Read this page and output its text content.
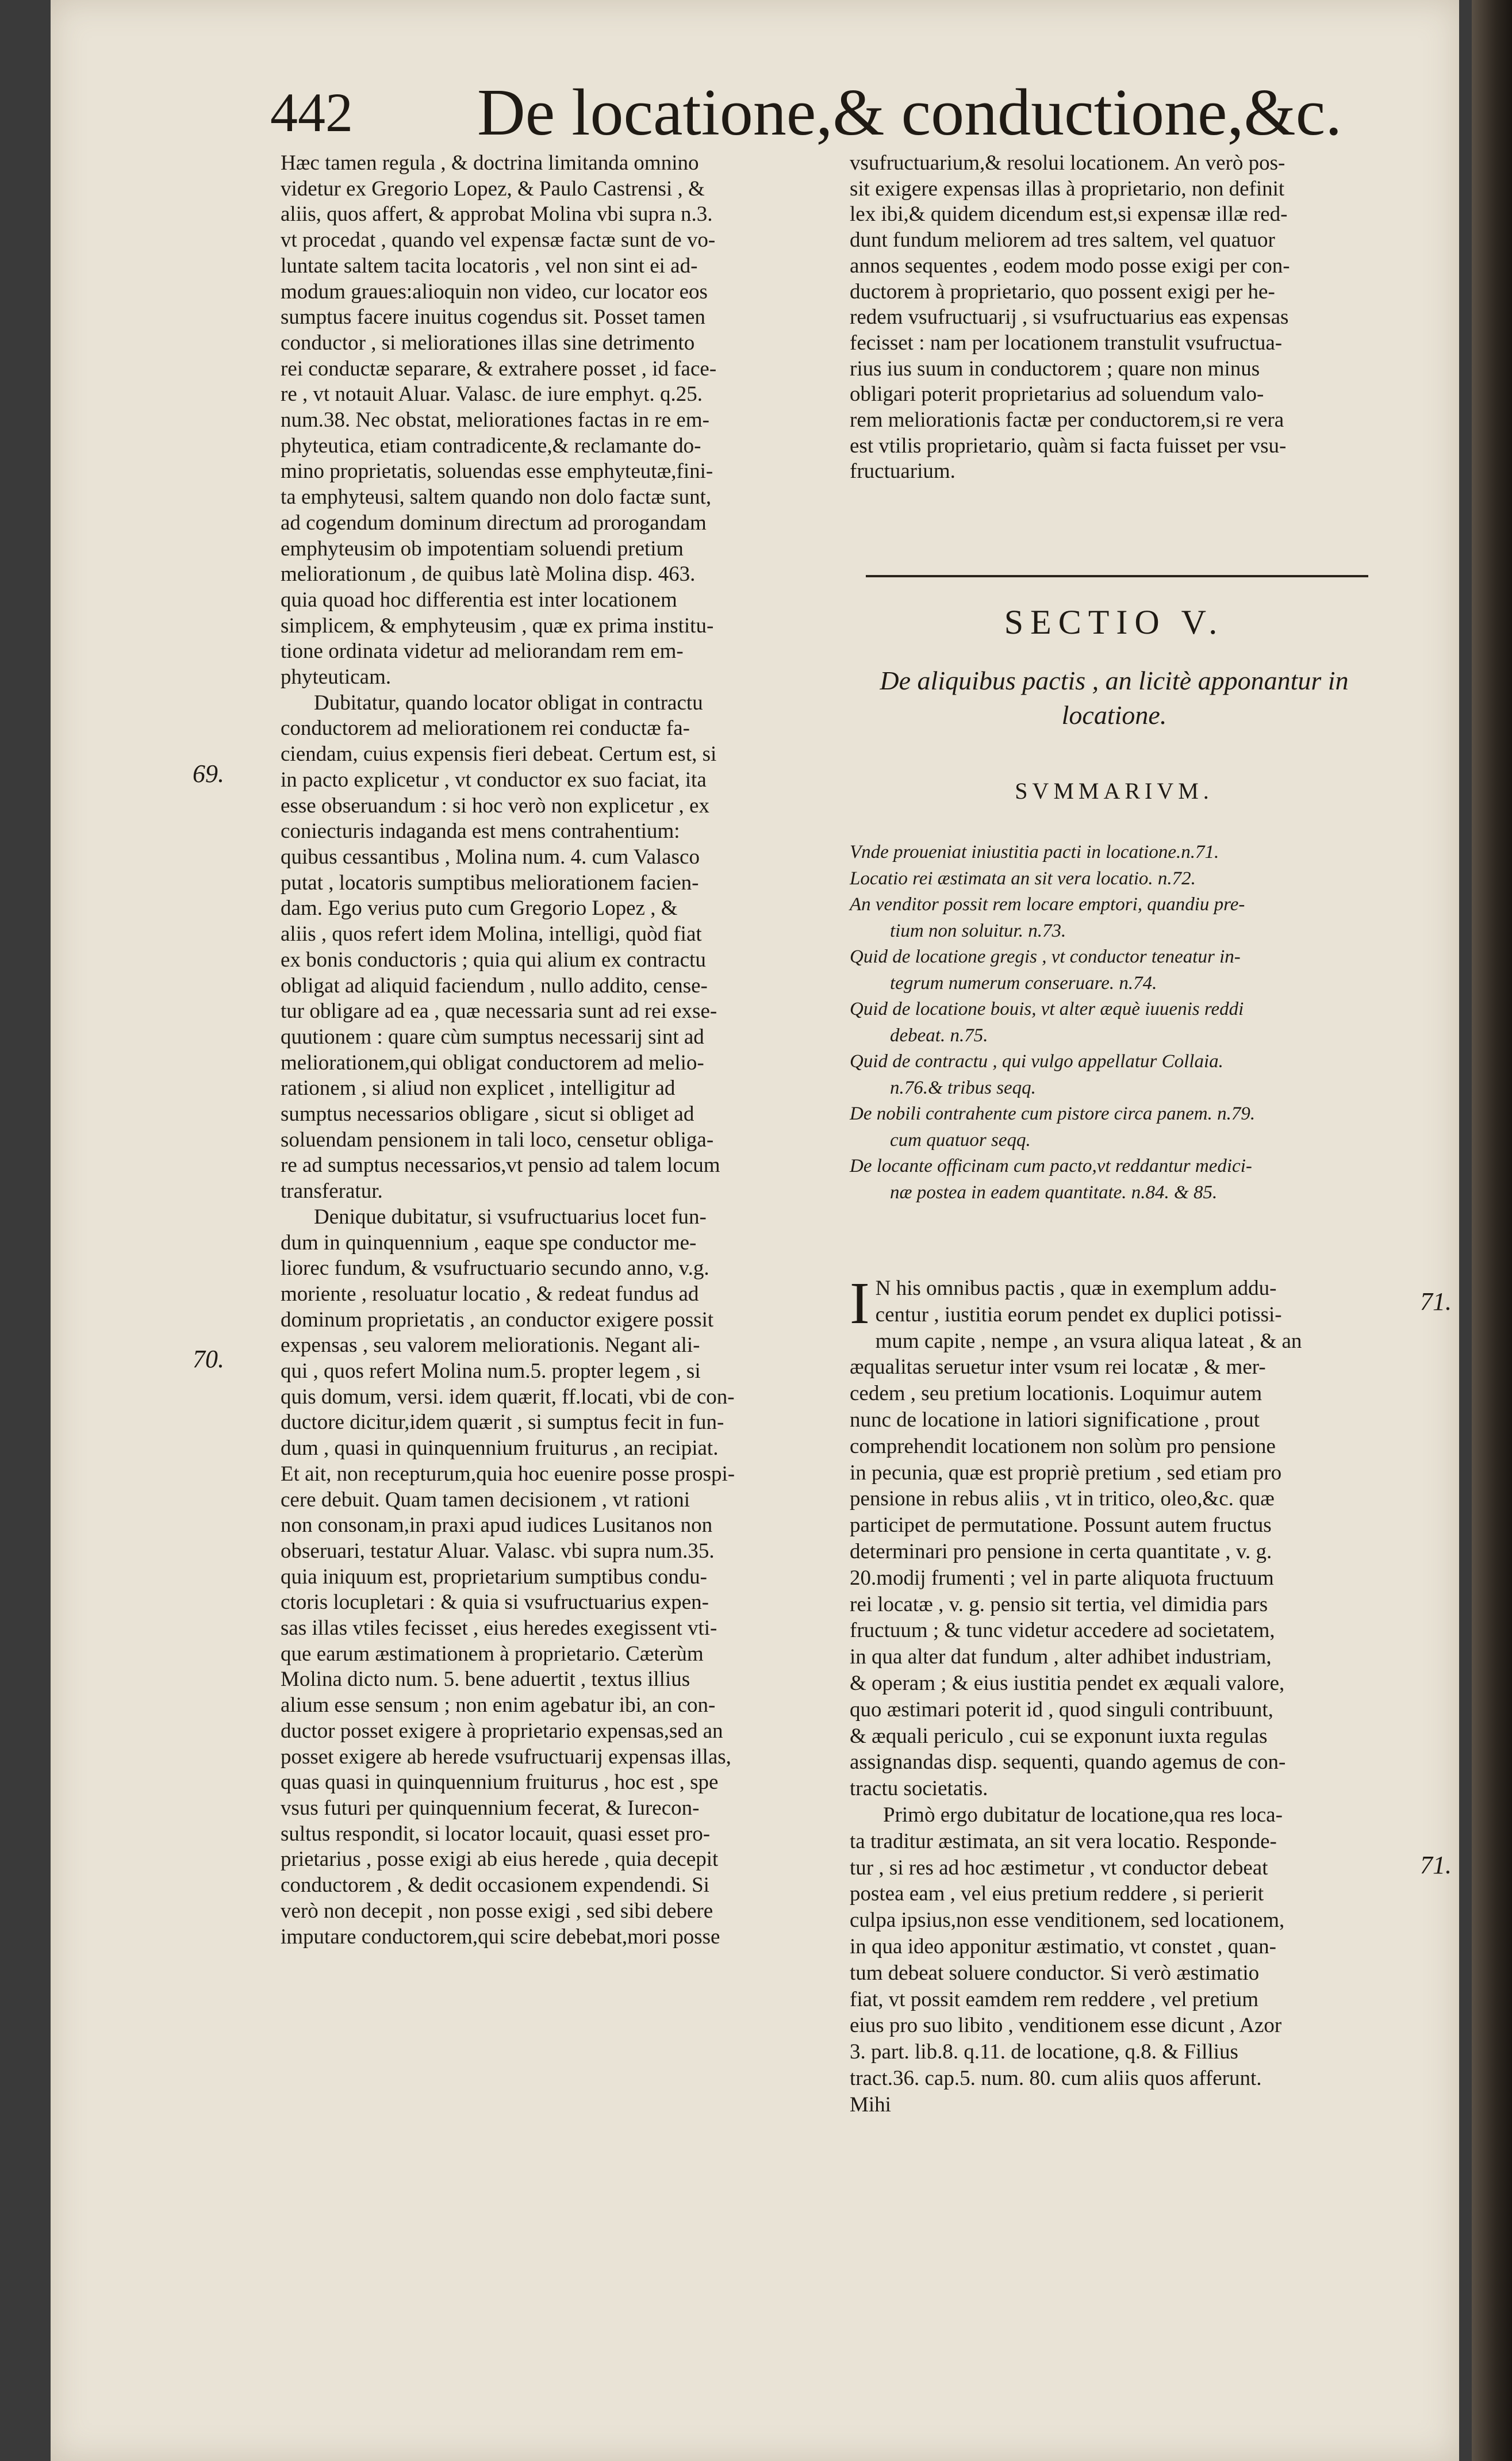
442 De locatione,& conductione,&c.
69.
70.
71.
71.
Hæc tamen regula , & doctrina limitanda omnino
videtur ex Gregorio Lopez, & Paulo Castrensi , &
aliis, quos affert, & approbat Molina vbi supra n.3.
vt procedat , quando vel expensæ factæ sunt de vo-
luntate saltem tacita locatoris , vel non sint ei ad-
modum graues:alioquin non video, cur locator eos
sumptus facere inuitus cogendus sit. Posset tamen
conductor , si meliorationes illas sine detrimento
rei conductæ separare, & extrahere posset , id face-
re , vt notauit Aluar. Valasc. de iure emphyt. q.25.
num.38. Nec obstat, meliorationes factas in re em-
phyteutica, etiam contradicente,& reclamante do-
mino proprietatis, soluendas esse emphyteutæ,fini-
ta emphyteusi, saltem quando non dolo factæ sunt,
ad cogendum dominum directum ad prorogandam
emphyteusim ob impotentiam soluendi pretium
meliorationum , de quibus latè Molina disp. 463.
quia quoad hoc differentia est inter locationem
simplicem, & emphyteusim , quæ ex prima institu-
tione ordinata videtur ad meliorandam rem em-
phyteuticam.
Dubitatur, quando locator obligat in contractu
conductorem ad meliorationem rei conductæ fa-
ciendam, cuius expensis fieri debeat. Certum est, si
in pacto explicetur , vt conductor ex suo faciat, ita
esse obseruandum : si hoc verò non explicetur , ex
coniecturis indaganda est mens contrahentium:
quibus cessantibus , Molina num. 4. cum Valasco
putat , locatoris sumptibus meliorationem facien-
dam. Ego verius puto cum Gregorio Lopez , &
aliis , quos refert idem Molina, intelligi, quòd fiat
ex bonis conductoris ; quia qui alium ex contractu
obligat ad aliquid faciendum , nullo addito, cense-
tur obligare ad ea , quæ necessaria sunt ad rei exse-
quutionem : quare cùm sumptus necessarij sint ad
meliorationem,qui obligat conductorem ad melio-
rationem , si aliud non explicet , intelligitur ad
sumptus necessarios obligare , sicut si obliget ad
soluendam pensionem in tali loco, censetur obliga-
re ad sumptus necessarios,vt pensio ad talem locum
transferatur.
Denique dubitatur, si vsufructuarius locet fun-
dum in quinquennium , eaque spe conductor me-
liorec fundum, & vsufructuario secundo anno, v.g.
moriente , resoluatur locatio , & redeat fundus ad
dominum proprietatis , an conductor exigere possit
expensas , seu valorem meliorationis. Negant ali-
qui , quos refert Molina num.5. propter legem , si
quis domum, versi. idem quærit, ff.locati, vbi de con-
ductore dicitur,idem quærit , si sumptus fecit in fun-
dum , quasi in quinquennium fruiturus , an recipiat.
Et ait, non recepturum,quia hoc euenire posse prospi-
cere debuit. Quam tamen decisionem , vt rationi
non consonam,in praxi apud iudices Lusitanos non
obseruari, testatur Aluar. Valasc. vbi supra num.35.
quia iniquum est, proprietarium sumptibus condu-
ctoris locupletari : & quia si vsufructuarius expen-
sas illas vtiles fecisset , eius heredes exegissent vti-
que earum æstimationem à proprietario. Cæterùm
Molina dicto num. 5. bene aduertit , textus illius
alium esse sensum ; non enim agebatur ibi, an con-
ductor posset exigere à proprietario expensas,sed an
posset exigere ab herede vsufructuarij expensas illas,
quas quasi in quinquennium fruiturus , hoc est , spe
vsus futuri per quinquennium fecerat, & Iurecon-
sultus respondit, si locator locauit, quasi esset pro-
prietarius , posse exigi ab eius herede , quia decepit
conductorem , & dedit occasionem expendendi. Si
verò non decepit , non posse exigi , sed sibi debere
imputare conductorem,qui scire debebat,mori posse
vsufructuarium,& resolui locationem. An verò pos-
sit exigere expensas illas à proprietario, non definit
lex ibi,& quidem dicendum est,si expensæ illæ red-
dunt fundum meliorem ad tres saltem, vel quatuor
annos sequentes , eodem modo posse exigi per con-
ductorem à proprietario, quo possent exigi per he-
redem vsufructuarij , si vsufructuarius eas expensas
fecisset : nam per locationem transtulit vsufructua-
rius ius suum in conductorem ; quare non minus
obligari poterit proprietarius ad soluendum valo-
rem meliorationis factæ per conductorem,si re vera
est vtilis proprietario, quàm si facta fuisset per vsu-
fructuarium.
SECTIO V.
De aliquibus pactis , an licitè apponantur in
locatione.
SVMMARIVM.
Vnde proueniat iniustitia pacti in locatione.n.71.
Locatio rei æstimata an sit vera locatio. n.72.
An venditor possit rem locare emptori, quandiu pre-
tium non soluitur. n.73.
Quid de locatione gregis , vt conductor teneatur in-
tegrum numerum conseruare. n.74.
Quid de locatione bouis, vt alter æquè iuuenis reddi
debeat. n.75.
Quid de contractu , qui vulgo appellatur Collaia.
n.76.& tribus seqq.
De nobili contrahente cum pistore circa panem. n.79.
cum quatuor seqq.
De locante officinam cum pacto,vt reddantur medici-
næ postea in eadem quantitate. n.84. & 85.
I N his omnibus pactis , quæ in exemplum addu-
centur , iustitia eorum pendet ex duplici potissi-
mum capite , nempe , an vsura aliqua lateat , & an
æqualitas seruetur inter vsum rei locatæ , & mer-
cedem , seu pretium locationis. Loquimur autem
nunc de locatione in latiori significatione , prout
comprehendit locationem non solùm pro pensione
in pecunia, quæ est propriè pretium , sed etiam pro
pensione in rebus aliis , vt in tritico, oleo,&c. quæ
participet de permutatione. Possunt autem fructus
determinari pro pensione in certa quantitate , v. g.
20.modij frumenti ; vel in parte aliquota fructuum
rei locatæ , v. g. pensio sit tertia, vel dimidia pars
fructuum ; & tunc videtur accedere ad societatem,
in qua alter dat fundum , alter adhibet industriam,
& operam ; & eius iustitia pendet ex æquali valore,
quo æstimari poterit id , quod singuli contribuunt,
& æquali periculo , cui se exponunt iuxta regulas
assignandas disp. sequenti, quando agemus de con-
tractu societatis.
Primò ergo dubitatur de locatione,qua res loca-
ta traditur æstimata, an sit vera locatio. Responde-
tur , si res ad hoc æstimetur , vt conductor debeat
postea eam , vel eius pretium reddere , si perierit
culpa ipsius,non esse venditionem, sed locationem,
in qua ideo apponitur æstimatio, vt constet , quan-
tum debeat soluere conductor. Si verò æstimatio
fiat, vt possit eamdem rem reddere , vel pretium
eius pro suo libito , venditionem esse dicunt , Azor
3. part. lib.8. q.11. de locatione, q.8. & Fillius
tract.36. cap.5. num. 80. cum aliis quos afferunt.
Mihi
